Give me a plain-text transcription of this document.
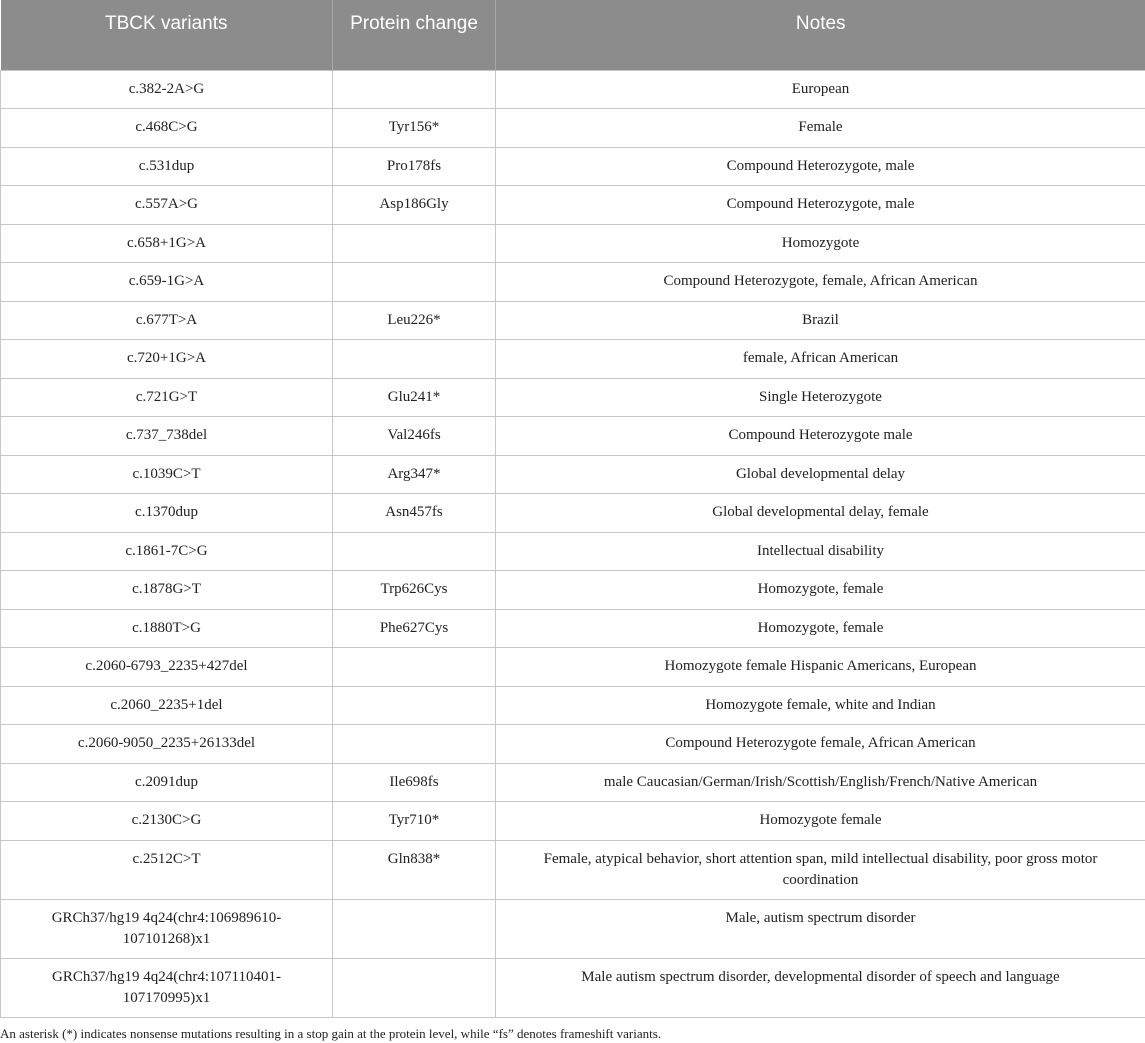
TBCK variants	Protein change	Notes
c.382-2A>G		European
c.468C>G	Tyr156*	Female
c.531dup	Pro178fs	Compound Heterozygote, male
c.557A>G	Asp186Gly	Compound Heterozygote, male
c.658+1G>A		Homozygote
c.659-1G>A		Compound Heterozygote, female, African American
c.677T>A	Leu226*	Brazil
c.720+1G>A		female, African American
c.721G>T	Glu241*	Single Heterozygote
c.737_738del	Val246fs	Compound Heterozygote male
c.1039C>T	Arg347*	Global developmental delay
c.1370dup	Asn457fs	Global developmental delay, female
c.1861-7C>G		Intellectual disability
c.1878G>T	Trp626Cys	Homozygote, female
c.1880T>G	Phe627Cys	Homozygote, female
c.2060-6793_2235+427del		Homozygote female Hispanic Americans, European
c.2060_2235+1del		Homozygote female, white and Indian
c.2060-9050_2235+26133del		Compound Heterozygote female, African American
c.2091dup	Ile698fs	male Caucasian/German/Irish/Scottish/English/French/Native American
c.2130C>G	Tyr710*	Homozygote female
c.2512C>T	Gln838*	Female, atypical behavior, short attention span, mild intellectual disability, poor gross motor coordination
GRCh37/hg19 4q24(chr4:106989610-107101268)x1		Male, autism spectrum disorder
GRCh37/hg19 4q24(chr4:107110401-107170995)x1		Male autism spectrum disorder, developmental disorder of speech and language
An asterisk (*) indicates nonsense mutations resulting in a stop gain at the protein level, while “fs” denotes frameshift variants.
